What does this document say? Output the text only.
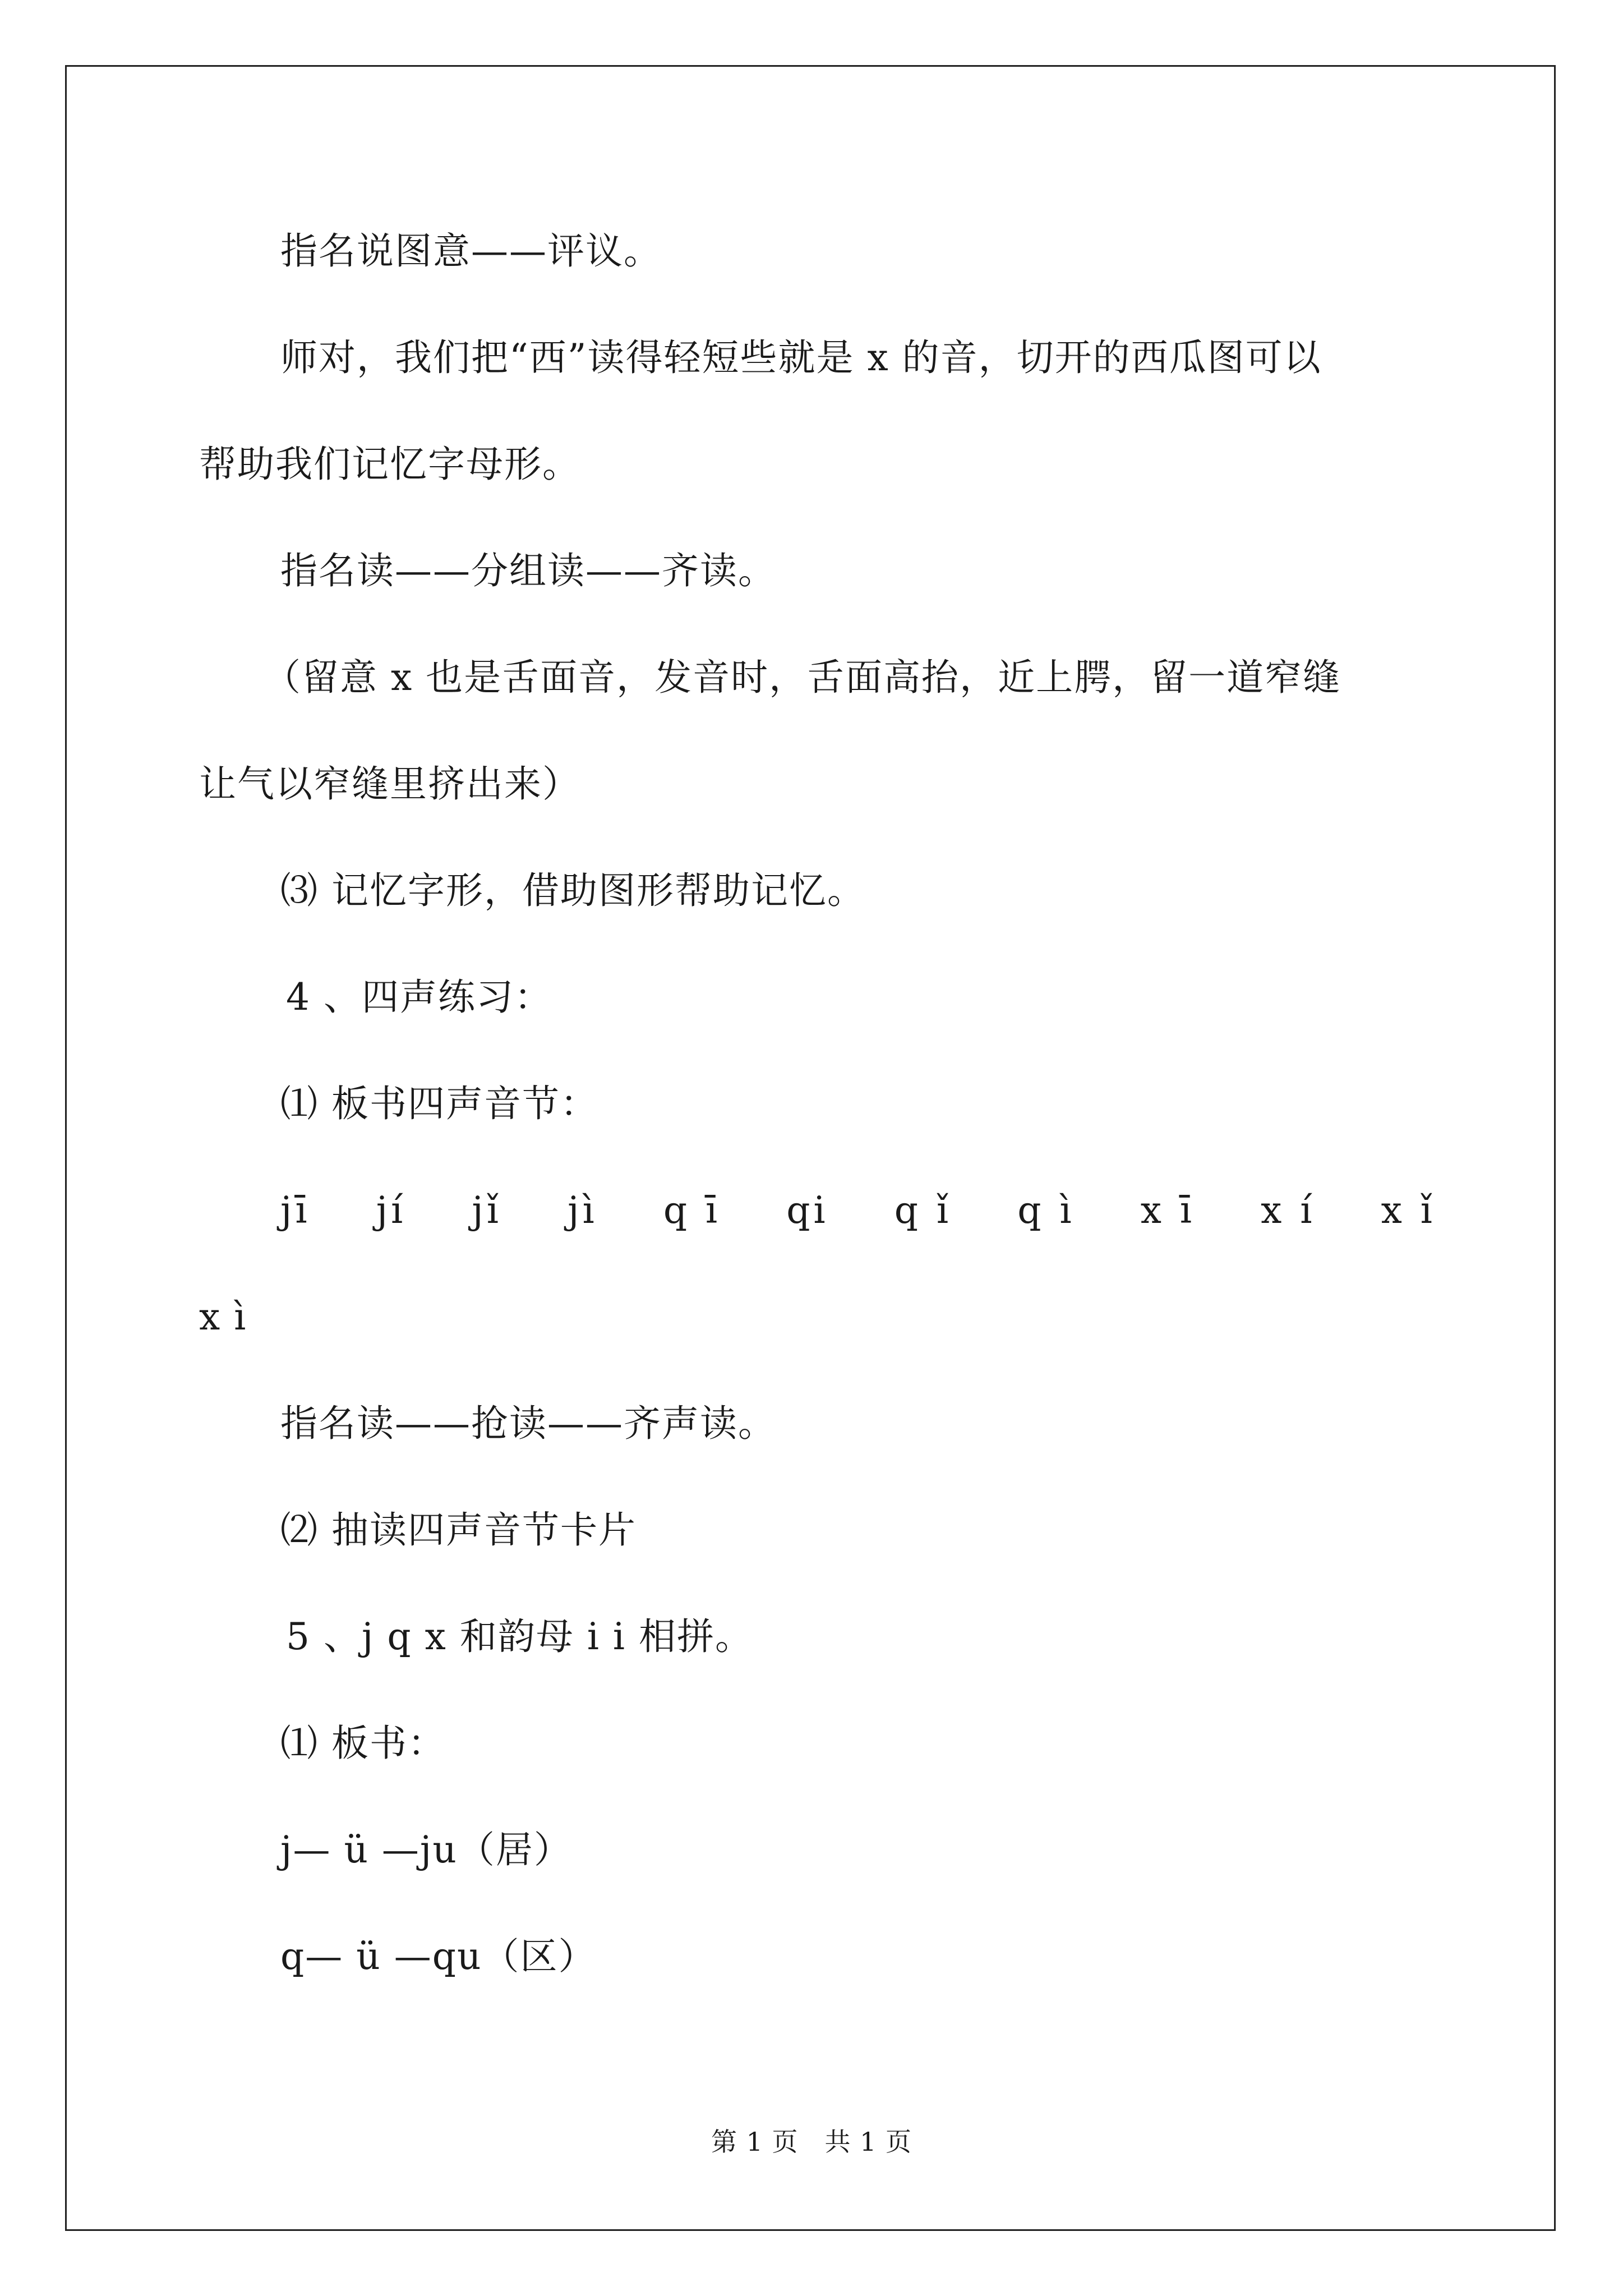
指名说图意——评议。

师对，我们把“西”读得轻短些就是 x 的音，切开的西瓜图可以

帮助我们记忆字母形。

指名读——分组读——齐读。

（留意 x 也是舌面音，发音时，舌面高抬，近上腭，留一道窄缝

让气以窄缝里挤出来）

⑶ 记忆字形，借助图形帮助记忆。

4 、四声练习：

⑴ 板书四声音节：

jī jí jǐ jì q ī qi q ǐ q ì x ī x í x ǐ

x ì

指名读——抢读——齐声读。

⑵ 抽读四声音节卡片

5 、j q x 和韵母 i i 相拼。

⑴ 板书：

j— ü —ju（居）

q— ü —qu（区）

第 1 页　共 1 页
